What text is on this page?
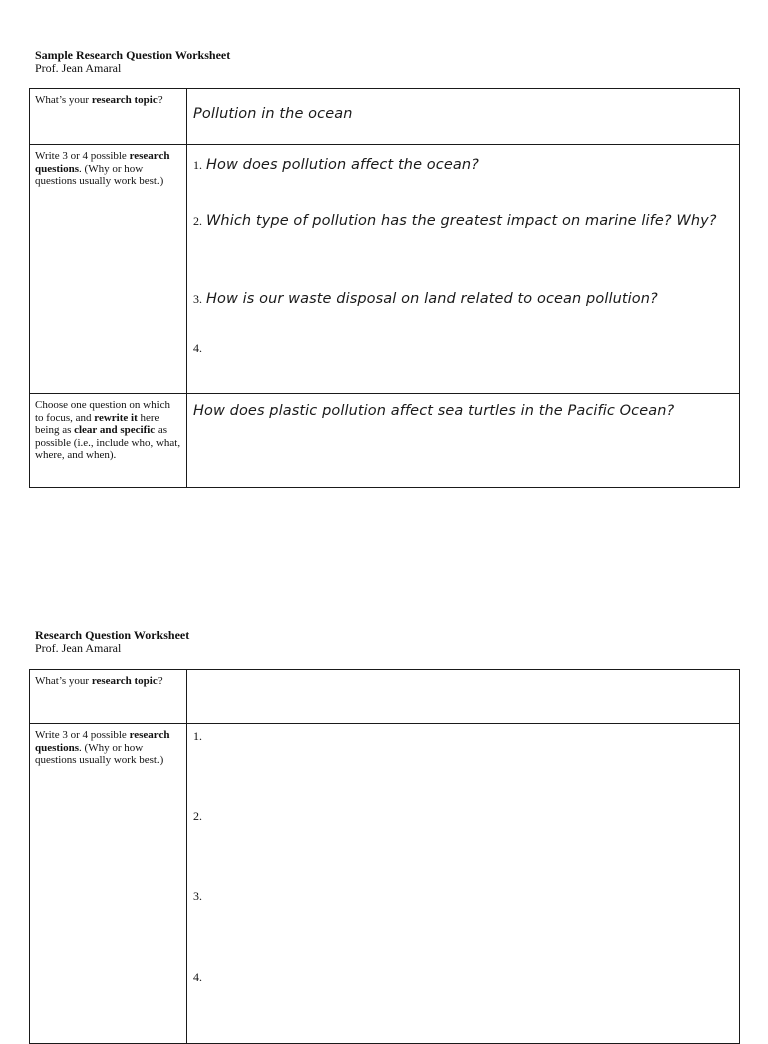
Sample Research Question Worksheet
Prof. Jean Amaral
What’s your research topic?	Pollution in the ocean

Write 3 or 4 possible research questions. (Why or how questions usually work best.)	1. How does pollution affect the ocean?
2. Which type of pollution has the greatest impact on marine life? Why?
3. How is our waste disposal on land related to ocean pollution?
4.

Choose one question on which to focus, and rewrite it here being as clear and specific as possible (i.e., include who, what, where, and when).	How does plastic pollution affect sea turtles in the Pacific Ocean?
Research Question Worksheet
Prof. Jean Amaral
What’s your research topic?	

Write 3 or 4 possible research questions. (Why or how questions usually work best.)	1.
2.
3.
4.
